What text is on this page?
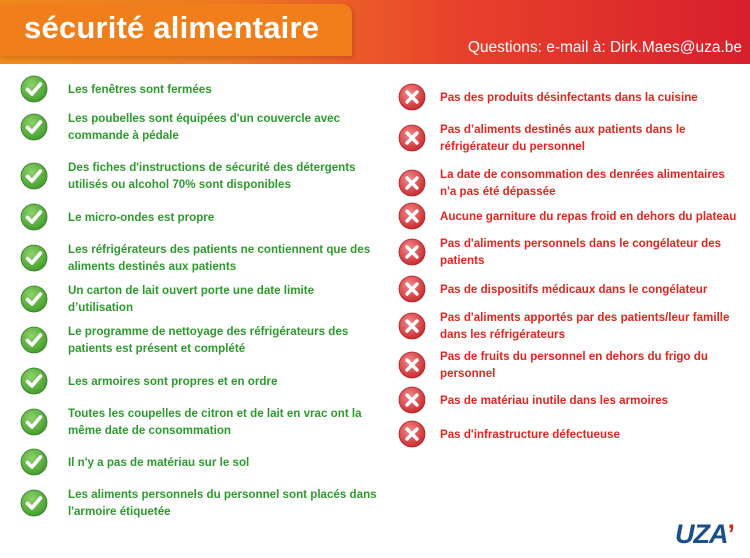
sécurité alimentaire
Questions: e-mail à: Dirk.Maes@uza.be
Les fenêtres sont fermées
Les poubelles sont équipées d'un couvercle avec commande à pédale
Des fiches d'instructions de sécurité des détergents utilisés ou alcohol 70% sont disponibles
Le micro-ondes est propre
Les réfrigérateurs des patients ne contiennent que des aliments destinés aux patients
Un carton de lait ouvert porte une date limite d’utilisation
Le programme de nettoyage des réfrigérateurs des patients est présent et complété
Les armoires sont propres et en ordre
Toutes les coupelles de citron et de lait en vrac ont la même date de consommation
Il n'y a pas de matériau sur le sol
Les aliments personnels du personnel sont placés dans l'armoire étiquetée
Pas des produits désinfectants dans la cuisine
Pas d’aliments destinés aux patients dans le réfrigérateur du personnel
La date de consommation des denrées alimentaires n'a pas été dépassée
Aucune garniture du repas froid en dehors du plateau
Pas d'aliments personnels dans le congélateur des patients
Pas de dispositifs médicaux dans le congélateur
Pas d'aliments apportés par des patients/leur famille dans les réfrigérateurs
Pas de fruits du personnel en dehors du frigo du personnel
Pas de matériau inutile dans les armoires
Pas d'infrastructure défectueuse
UZA’
